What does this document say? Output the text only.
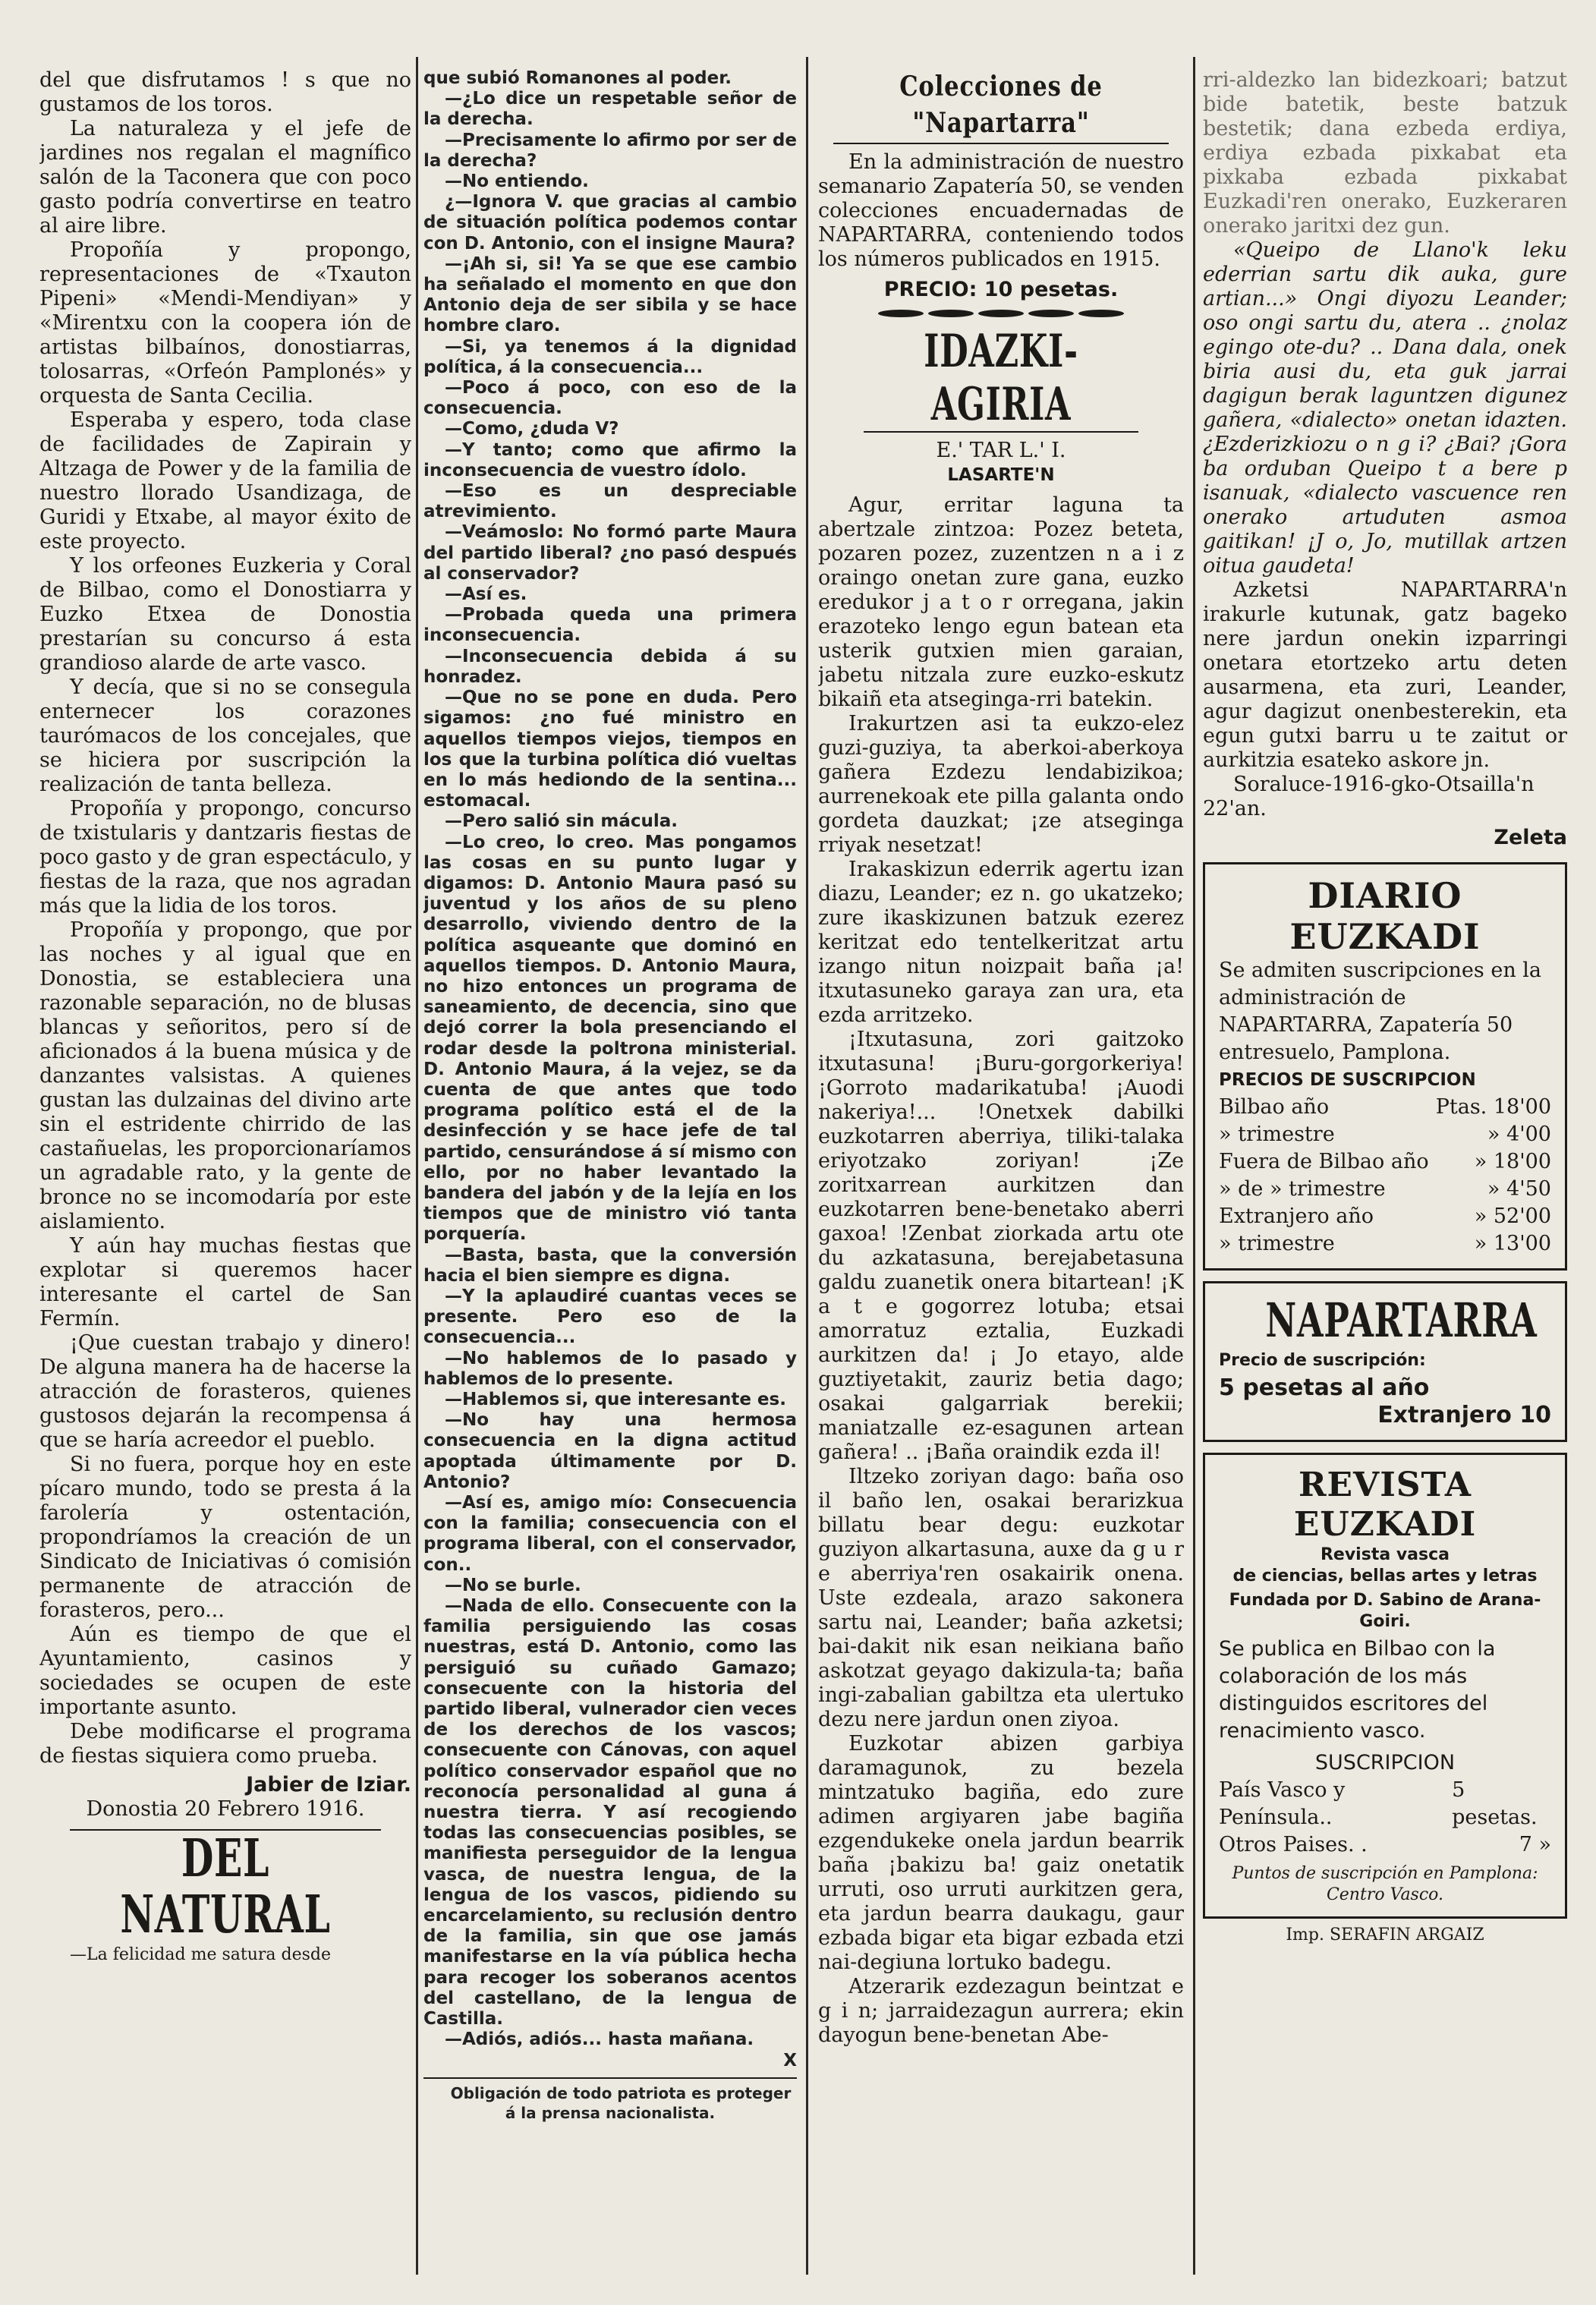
del que disfrutamos ! s que no gustamos de los toros.

La naturaleza y el jefe de jardines nos regalan el magnífico salón de la Taconera que con poco gasto podría convertirse en teatro al aire libre.

Propoñía y propongo, representaciones de «Txauton Pipeni» «Mendi-Mendiyan» y «Mirentxu con la coopera ión de artistas bilbaínos, donostiarras, tolosarras, «Orfeón Pamplonés» y orquesta de Santa Cecilia.

Esperaba y espero, toda clase de facilidades de Zapirain y Altzaga de Power y de la familia de nuestro llorado Usandizaga, de Guridi y Etxabe, al mayor éxito de este proyecto.

Y los orfeones Euzkeria y Coral de Bilbao, como el Donostiarra y Euzko Etxea de Donostia prestarían su concurso á esta grandioso alarde de arte vasco.

Y decía, que si no se consegula enternecer los corazones taurómacos de los concejales, que se hiciera por suscripción la realización de tanta belleza.

Propoñía y propongo, concurso de txistularis y dantzaris fiestas de poco gasto y de gran espectáculo, y fiestas de la raza, que nos agradan más que la lidia de los toros.

Propoñía y propongo, que por las noches y al igual que en Donostia, se estableciera una razonable separación, no de blusas blancas y señoritos, pero sí de aficionados á la buena música y de danzantes valsistas. A quienes gustan las dulzainas del divino arte sin el estridente chirrido de las castañuelas, les proporcionaríamos un agradable rato, y la gente de bronce no se incomodaría por este aislamiento.

Y aún hay muchas fiestas que explotar si queremos hacer interesante el cartel de San Fermín.

¡Que cuestan trabajo y dinero! De alguna manera ha de hacerse la atracción de forasteros, quienes gustosos dejarán la recompensa á que se haría acreedor el pueblo.

Si no fuera, porque hoy en este pícaro mundo, todo se presta á la farolería y ostentación, propondríamos la creación de un Sindicato de Iniciativas ó comisión permanente de atracción de forasteros, pero...

Aún es tiempo de que el Ayuntamiento, casinos y sociedades se ocupen de este importante asunto.

Debe modificarse el programa de fiestas siquiera como prueba.

Jabier de Iziar.

Donostia 20 Febrero 1916.

DEL NATURAL

—La felicidad me satura desde

que subió Romanones al poder.

—¿Lo dice un respetable señor de la derecha.

—Precisamente lo afirmo por ser de la derecha?

—No entiendo.

¿—Ignora V. que gracias al cambio de situación política podemos contar con D. Antonio, con el insigne Maura?

—¡Ah si, si! Ya se que ese cambio ha señalado el momento en que don Antonio deja de ser sibila y se hace hombre claro.

—Si, ya tenemos á la dignidad política, á la consecuencia...

—Poco á poco, con eso de la consecuencia.

—Como, ¿duda V?

—Y tanto; como que afirmo la inconsecuencia de vuestro ídolo.

—Eso es un despreciable atrevimiento.

—Veámoslo: No formó parte Maura del partido liberal? ¿no pasó después al conservador?

—Así es.

—Probada queda una primera inconsecuencia.

—Inconsecuencia debida á su honradez.

—Que no se pone en duda. Pero sigamos: ¿no fué ministro en aquellos tiempos viejos, tiempos en los que la turbina política dió vueltas en lo más hediondo de la sentina... estomacal.

—Pero salió sin mácula.

—Lo creo, lo creo. Mas pongamos las cosas en su punto lugar y digamos: D. Antonio Maura pasó su juventud y los años de su pleno desarrollo, viviendo dentro de la política asqueante que dominó en aquellos tiempos. D. Antonio Maura, no hizo entonces un programa de saneamiento, de decencia, sino que dejó correr la bola presenciando el rodar desde la poltrona ministerial. D. Antonio Maura, á la vejez, se da cuenta de que antes que todo programa político está el de la desinfección y se hace jefe de tal partido, censurándose á sí mismo con ello, por no haber levantado la bandera del jabón y de la lejía en los tiempos que de ministro vió tanta porquería.

—Basta, basta, que la conversión hacia el bien siempre es digna.

—Y la aplaudiré cuantas veces se presente. Pero eso de la consecuencia...

—No hablemos de lo pasado y hablemos de lo presente.

—Hablemos si, que interesante es.

—No hay una hermosa consecuencia en la digna actitud apoptada últimamente por D. Antonio?

—Así es, amigo mío: Consecuencia con la familia; consecuencia con el programa liberal, con el conservador, con..

—No se burle.

—Nada de ello. Consecuente con la familia persiguiendo las cosas nuestras, está D. Antonio, como las persiguió su cuñado Gamazo; consecuente con la historia del partido liberal, vulnerador cien veces de los derechos de los vascos; consecuente con Cánovas, con aquel político conservador español que no reconocía personalidad al guna á nuestra tierra. Y así recogiendo todas las consecuencias posibles, se manifiesta perseguidor de la lengua vasca, de nuestra lengua, de la lengua de los vascos, pidiendo su encarcelamiento, su reclusión dentro de la familia, sin que ose jamás manifestarse en la vía pública hecha para recoger los soberanos acentos del castellano, de la lengua de Castilla.

—Adiós, adiós... hasta mañana.

X

Obligación de todo patriota es proteger á la prensa nacionalista.

Colecciones de "Napartarra"

En la administración de nuestro semanario Zapatería 50, se venden colecciones encuadernadas de NAPARTARRA, conteniendo todos los números publicados en 1915.

PRECIO: 10 pesetas.

IDAZKI-AGIRIA

E.' TAR L.' I.

LASARTE'N

Agur, erritar laguna ta abertzale zintzoa: Pozez beteta, pozaren pozez, zuzentzen n a i z oraingo onetan zure gana, euzko eredukor j a t o r orregana, jakin erazoteko lengo egun batean eta usterik gutxien mien garaian, jabetu nitzala zure euzko-eskutz bikaiñ eta atseginga-rri batekin.

Irakurtzen asi ta eukzo-elez guzi-guziya, ta aberkoi-aberkoya gañera Ezdezu lendabizikoa; aurrenekoak ete pilla galanta ondo gordeta dauzkat; ¡ze atseginga rriyak nesetzat!

Irakaskizun ederrik agertu izan diazu, Leander; ez n. go ukatzeko; zure ikaskizunen batzuk ezerez keritzat edo tentelkeritzat artu izango nitun noizpait baña ¡a! itxutasuneko garaya zan ura, eta ezda arritzeko.

¡Itxutasuna, zori gaitzoko itxutasuna! ¡Buru-gorgorkeriya! ¡Gorroto madarikatuba! ¡Auodi nakeriya!... !Onetxek dabilki euzkotarren aberriya, tiliki-talaka eriyotzako zoriyan! ¡Ze zoritxarrean aurkitzen dan euzkotarren bene-benetako aberri gaxoa! !Zenbat ziorkada artu ote du azkatasuna, berejabetasuna galdu zuanetik onera bitartean! ¡K a t e gogorrez lotuba; etsai amorratuz eztalia, Euzkadi aurkitzen da! ¡ Jo etayo, alde guztiyetakit, zauriz betia dago; osakai galgarriak berekii; maniatzalle ez-esagunen artean gañera! .. ¡Baña oraindik ezda il!

Iltzeko zoriyan dago: baña oso il baño len, osakai berarizkua billatu bear degu: euzkotar guziyon alkartasuna, auxe da g u r e aberriya'ren osakairik onena. Uste ezdeala, arazo sakonera sartu nai, Leander; baña azketsi; bai-dakit nik esan neikiana baño askotzat geyago dakizula-ta; baña ingi-zabalian gabiltza eta ulertuko dezu nere jardun onen ziyoa.

Euzkotar abizen garbiya daramagunok, zu bezela mintzatuko bagiña, edo zure adimen argiyaren jabe bagiña ezgendukeke onela jardun bearrik baña ¡bakizu ba! gaiz onetatik urruti, oso urruti aurkitzen gera, eta jardun bearra daukagu, gaur ezbada bigar eta bigar ezbada etzi nai-degiuna lortuko badegu.

Atzerarik ezdezagun beintzat e g i n; jarraidezagun aurrera; ekin dayogun bene-benetan Abe-

rri-aldezko lan bidezkoari; batzut bide batetik, beste batzuk bestetik; dana ezbeda erdiya, erdiya ezbada pixkabat eta pixkaba ezbada pixkabat Euzkadi'ren onerako, Euzkeraren onerako jaritxi dez gun.

«Queipo de Llano'k leku ederrian sartu dik auka, gure artian...» Ongi diyozu Leander; oso ongi sartu du, atera .. ¿nolaz egingo ote-du? .. Dana dala, onek biria ausi du, eta guk jarrai dagigun berak laguntzen digunez gañera, «dialecto» onetan idazten. ¿Ezderizkiozu o n g i? ¿Bai? ¡Gora ba orduban Queipo t a bere p isanuak, «dialecto vascuence ren onerako artuduten asmoa gaitikan! ¡J o, Jo, mutillak artzen oitua gaudeta!

Azketsi NAPARTARRA'n irakurle kutunak, gatz bageko nere jardun onekin izparringi onetara etortzeko artu deten ausarmena, eta zuri, Leander, agur dagizut onenbesterekin, eta egun gutxi barru u te zaitut or aurkitzia esateko askore jn.

Soraluce-1916-gko-Otsailla'n 22'an.

Zeleta

DIARIO EUZKADI
Se admiten suscripciones en la administración de NAPARTARRA, Zapatería 50 entresuelo, Pamplona.
PRECIOS DE SUSCRIPCION
Bilbao año	Ptas. 18'00
» trimestre	» 4'00
Fuera de Bilbao año » 18'00
» de » trimestre	» 4'50
Extranjero año	» 52'00
» trimestre	» 13'00
NAPARTARRA
Precio de suscripción:
5 pesetas al año
Extranjero 10
REVISTA EUZKADI
Revista vasca
de ciencias, bellas artes y letras
Fundada por D. Sabino de Arana-Goiri.
Se publica en Bilbao con la colaboración de los más distinguidos escritores del renacimiento vasco.
SUSCRIPCION
País Vasco y Península..
5 pesetas.
Otros Paises. .	7 »
Puntos de suscripción en Pamplona: Centro Vasco.

Imp. SERAFIN ARGAIZ
